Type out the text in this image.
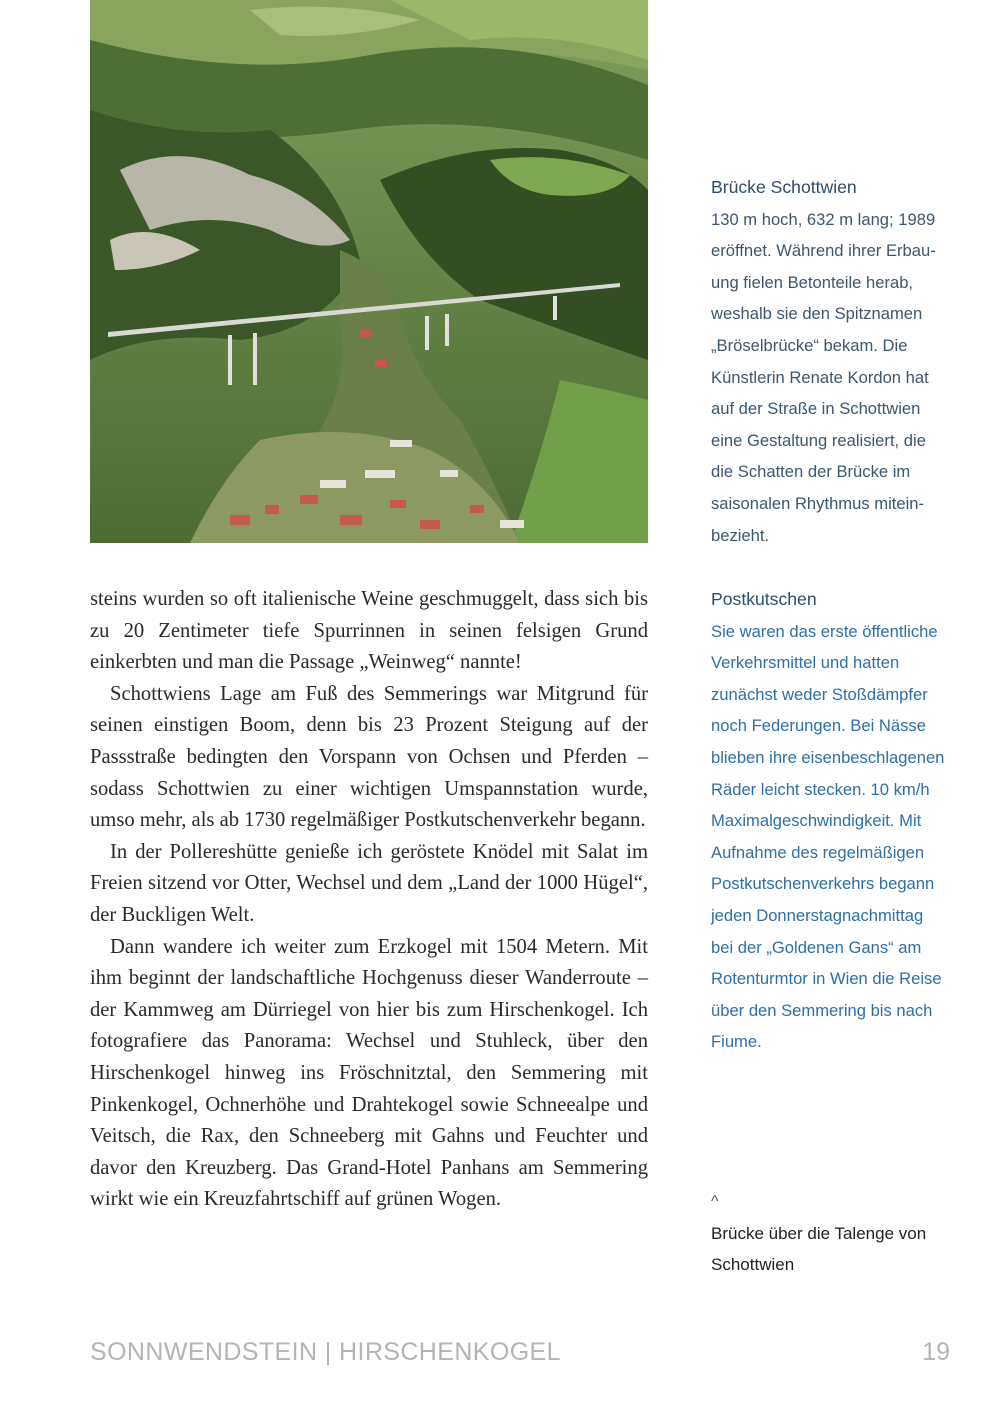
Brücke Schottwien
130 m hoch, 632 m lang; 1989
eröffnet. Während ihrer Erbau-
ung fielen Betonteile herab,
weshalb sie den Spitznamen
„Bröselbrücke“ bekam. Die
Künstlerin Renate Kordon hat
auf der Straße in Schottwien
eine Gestaltung realisiert, die
die Schatten der Brücke im
saisonalen Rhythmus mitein-
bezieht.
Postkutschen
Sie waren das erste öffentliche
Verkehrsmittel und hatten
zunächst weder Stoßdämpfer
noch Federungen. Bei Nässe
blieben ihre eisenbeschlagenen
Räder leicht stecken. 10 km/h
Maximalgeschwindigkeit. Mit
Aufnahme des regelmäßigen
Postkutschenverkehrs begann
jeden Donnerstagnachmittag
bei der „Goldenen Gans“ am
Rotenturmtor in Wien die Reise
über den Semmering bis nach
Fiume.

steins wurden so oft italienische Weine geschmuggelt, dass sich bis zu 20 Zentimeter tiefe Spurrinnen in seinen felsigen Grund einkerbten und man die Passage „Weinweg“ nannte!

Schottwiens Lage am Fuß des Semmerings war Mitgrund für seinen einstigen Boom, denn bis 23 Prozent Steigung auf der Passstraße bedingten den Vorspann von Ochsen und Pferden – sodass Schottwien zu einer wichtigen Umspannstation wurde, umso mehr, als ab 1730 regelmäßiger Postkutschenverkehr begann.

In der Pollereshütte genieße ich geröstete Knödel mit Salat im Freien sitzend vor Otter, Wechsel und dem „Land der 1000 Hügel“, der Buckligen Welt.

Dann wandere ich weiter zum Erzkogel mit 1504 Metern. Mit ihm beginnt der landschaftliche Hochgenuss dieser Wanderroute – der Kammweg am Dürriegel von hier bis zum Hirschenkogel. Ich fotografiere das Panorama: Wechsel und Stuhleck, über den Hirschenkogel hinweg ins Fröschnitztal, den Semmering mit Pinkenkogel, Ochnerhöhe und Drahtekogel sowie Schneealpe und Veitsch, die Rax, den Schneeberg mit Gahns und Feuchter und davor den Kreuzberg. Das Grand-Hotel Panhans am Semmering wirkt wie ein Kreuzfahrtschiff auf grünen Wogen.	^
Brücke über die Talenge von
Schottwien
SONNWENDSTEIN | HIRSCHENKOGEL	19
